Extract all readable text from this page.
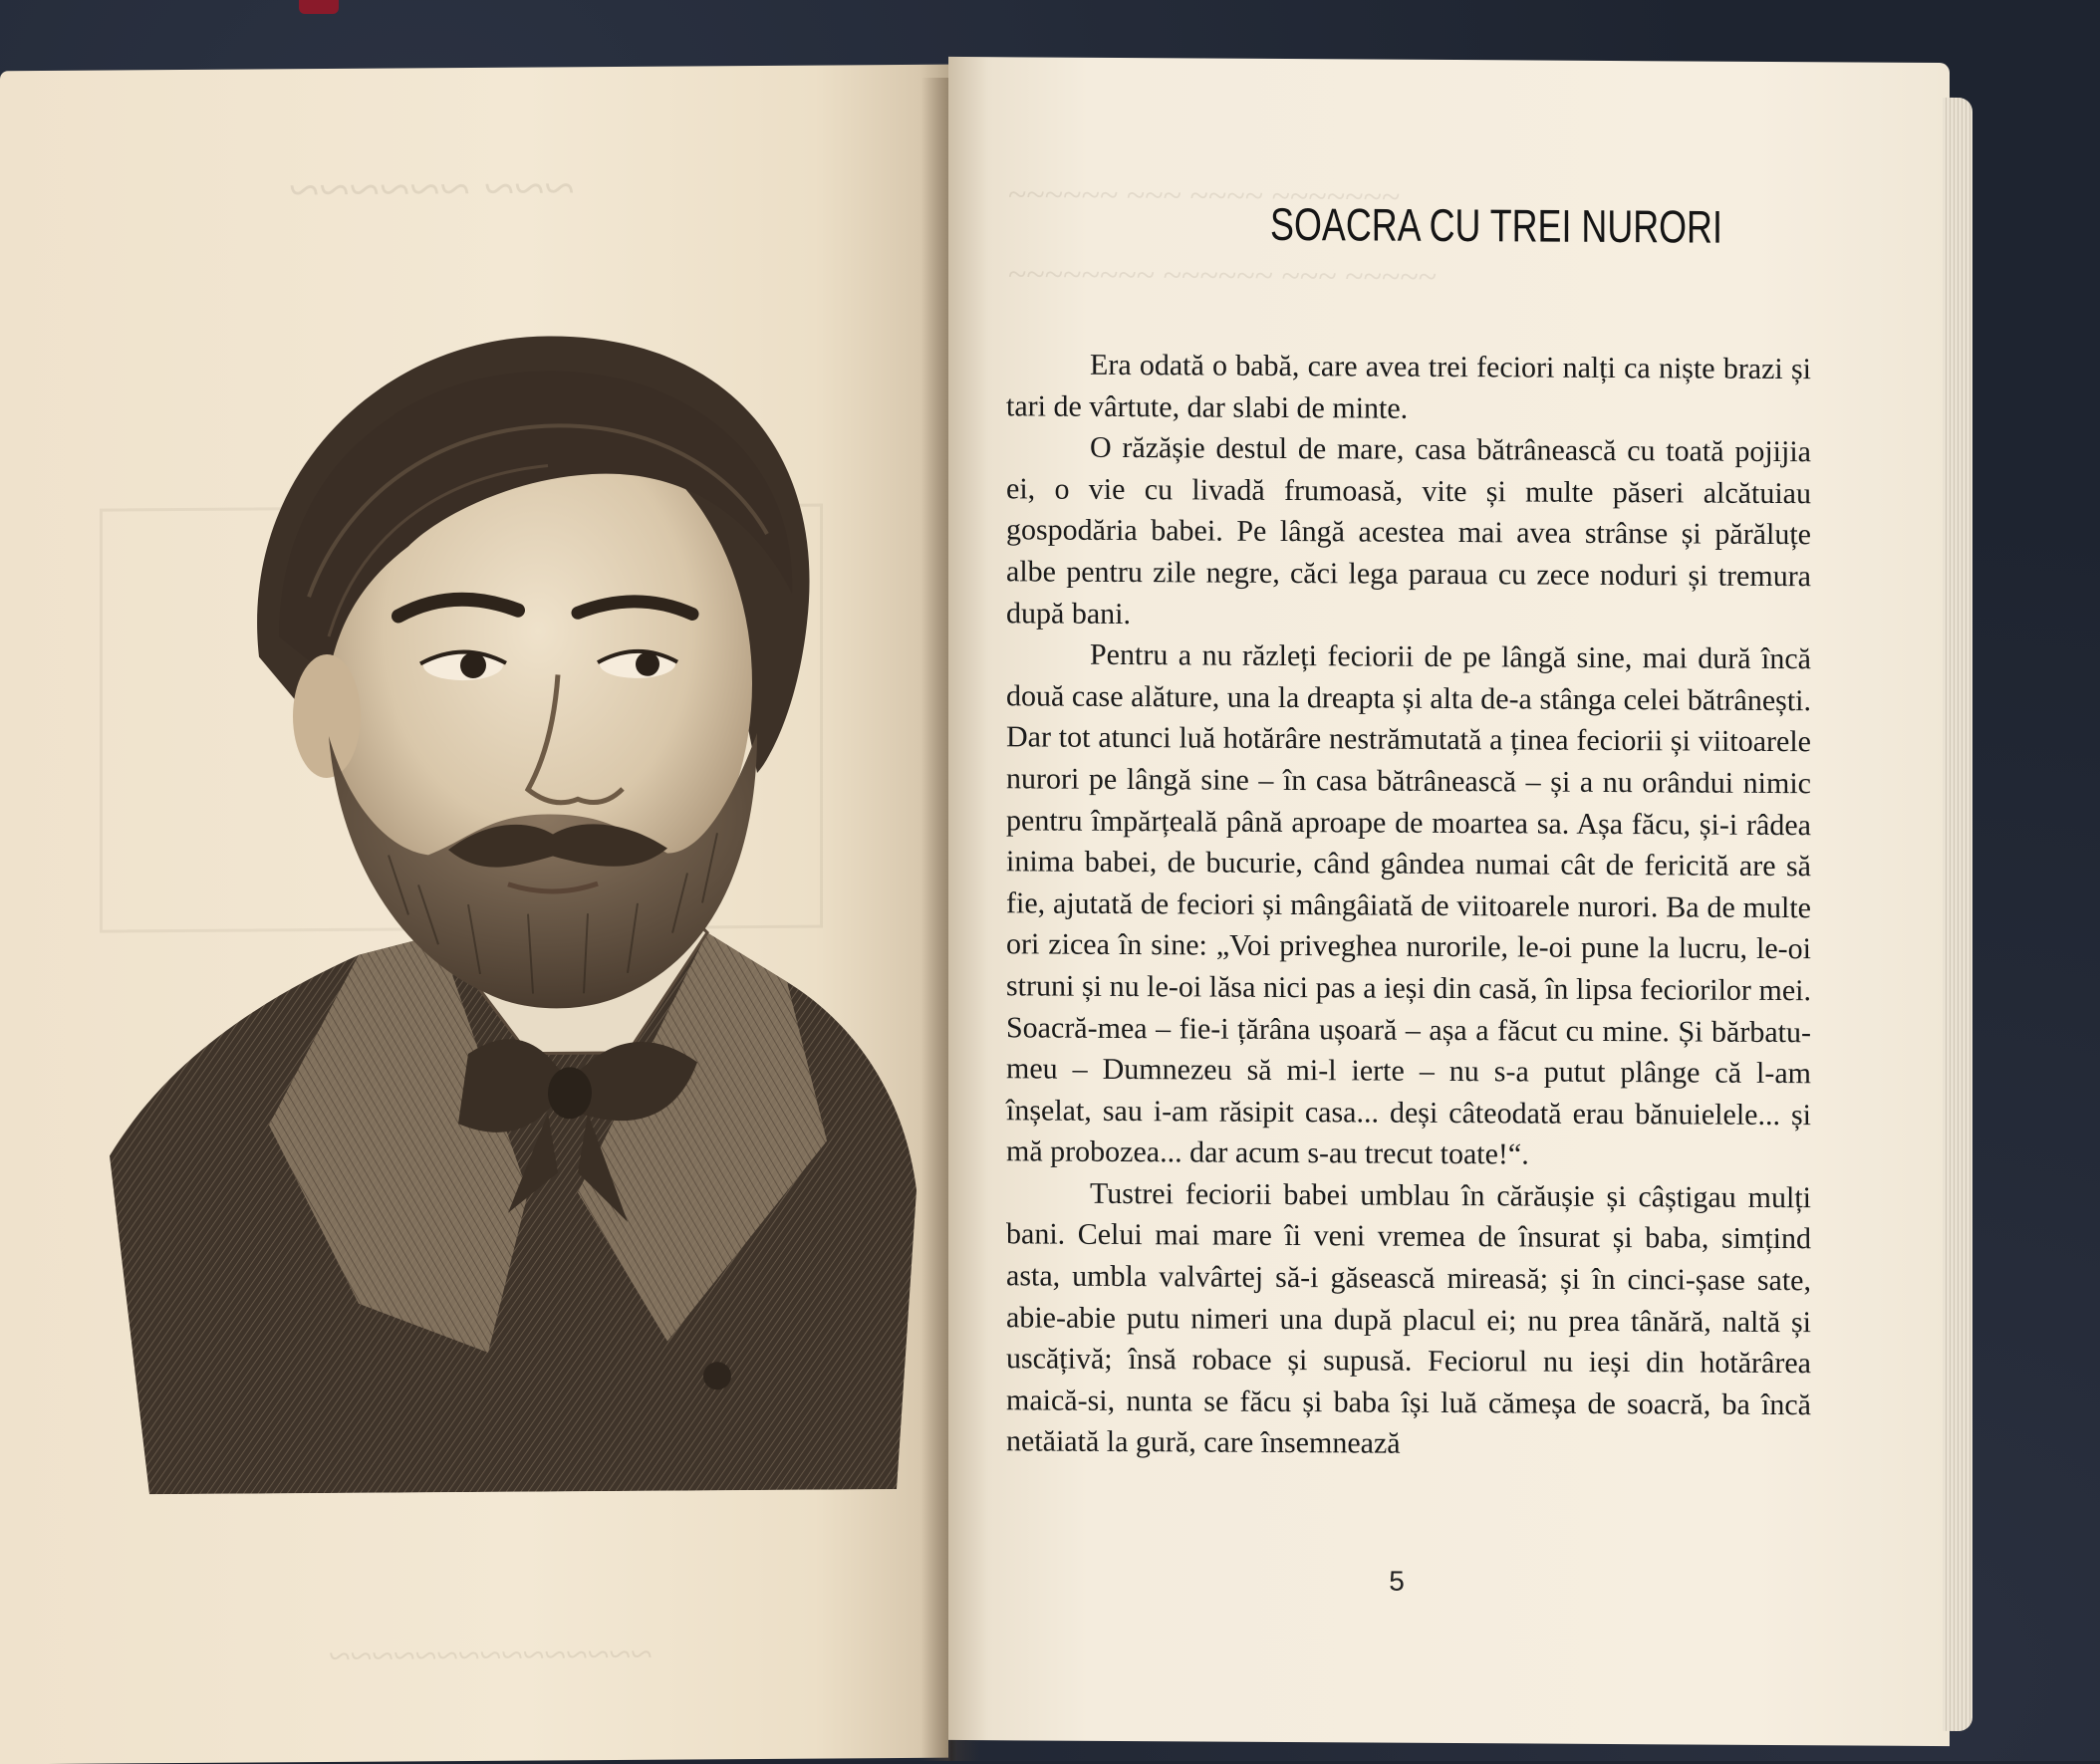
~~~ ~~~~~~
~~~~~~~~~~~~~~~
~~~~~~ ~~~ ~~~~ ~~~~~~~
~~~~~~~~ ~~~~~~ ~~~ ~~~~~
SOACRA CU TREI NURORI

Era odată o babă, care avea trei feciori nalți ca niște brazi și tari de vârtute, dar slabi de minte.

O răzășie destul de mare, casa bătrânească cu toată pojijia ei, o vie cu livadă frumoasă, vite și multe păseri alcătuiau gospodăria babei. Pe lângă acestea mai avea strânse și părăluțe albe pentru zile negre, căci lega paraua cu zece noduri și tremura după bani.

Pentru a nu răzleți feciorii de pe lângă sine, mai dură încă două case alăture, una la dreapta și alta de-a stânga celei bătrânești. Dar tot atunci luă hotărâre nestrămutată a ținea feciorii și viitoarele nurori pe lângă sine – în casa bătrânească – și a nu orândui nimic pentru împărțeală până aproape de moartea sa. Așa făcu, și-i râdea inima babei, de bucurie, când gândea numai cât de fericită are să fie, ajutată de feciori și mângâiată de viitoarele nurori. Ba de multe ori zicea în sine: „Voi priveghea nurorile, le-oi pune la lucru, le-oi struni și nu le-oi lăsa nici pas a ieși din casă, în lipsa feciorilor mei. Soacră-mea – fie-i țărâna ușoară – așa a făcut cu mine. Și bărbatu-meu – Dumnezeu să mi-l ierte – nu s-a putut plânge că l-am înșelat, sau i-am răsipit casa... deși câteodată erau bănuielele... și mă probozea... dar acum s-au trecut toate!“.

Tustrei feciorii babei umblau în cărăușie și câștigau mulți bani. Celui mai mare îi veni vremea de însurat și baba, simțind asta, umbla valvârtej să-i găsească mireasă; și în cinci-șase sate, abie-abie putu nimeri una după placul ei; nu prea tânără, naltă și uscățivă; însă robace și supusă. Feciorul nu ieși din hotărârea maică-si, nunta se făcu și baba își luă cămeșa de soacră, ba încă netăiată la gură, care însemnează

5
